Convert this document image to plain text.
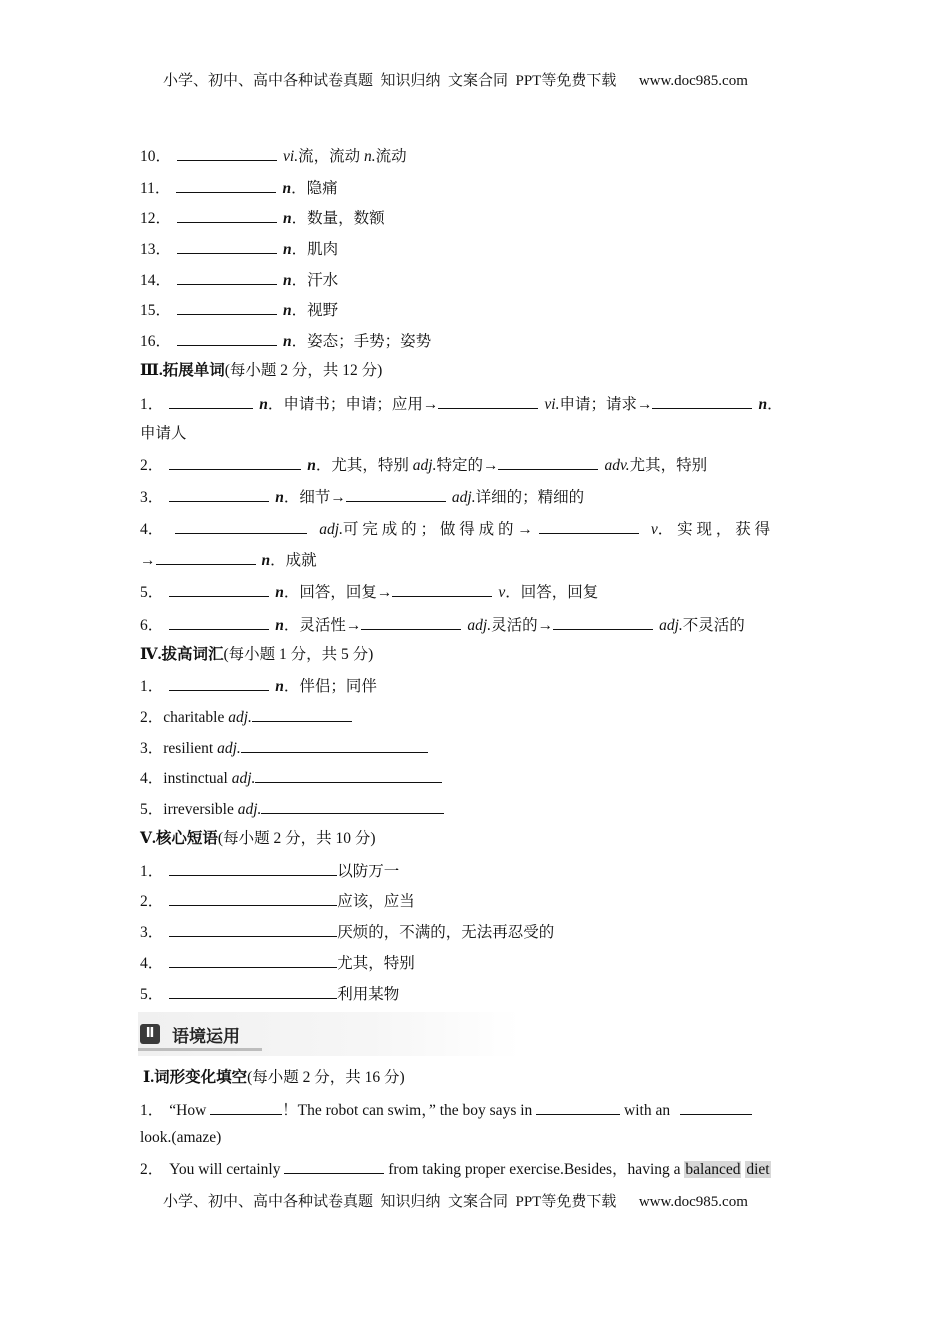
小学、初中、高中各种试卷真题  知识归纳  文案合同  PPT等免费下载      www.doc985.com
10．	vi.流，流动 n.流动
11．	n．隐痛
12．	n．数量，数额
13．	n．肌肉
14．	n．汗水
15．	n．视野
16．	n．姿态；手势；姿势
Ⅲ.拓展单词(每小题 2 分，共 12 分)
1．	n．申请书；申请；应用→	vi.申请；请求→	n．
申请人
2．	n．尤其，特别 adj.特定的→	adv.尤其，特别
3．	n．细节→	adj.详细的；精细的
4．	adj.可 完 成 的 ； 做 得 成 的 →	v． 实 现 ， 获 得
→	n．成就
5．	n．回答，回复→	v．回答，回复
6．	n．灵活性→	adj.灵活的→	adj.不灵活的
Ⅳ.拔高词汇(每小题 1 分，共 5 分)
1．	n．伴侣；同伴
2．charitable adj.
3．resilient adj.
4．instinctual adj.
5．irreversible adj.
Ⅴ.核心短语(每小题 2 分，共 10 分)
1．	以防万一
2．	应该，应当
3．	厌烦的，不满的，无法再忍受的
4．	尤其，特别
5．	利用某物
Ⅱ	语境运用
Ⅰ.词形变化填空(每小题 2 分，共 16 分)
1． “How	！The robot can swim，” the boy says in	with an
look.(amaze)
2． You will certainly	from taking proper exercise.Besides，having a balanced diet
小学、初中、高中各种试卷真题  知识归纳  文案合同  PPT等免费下载      www.doc985.com
